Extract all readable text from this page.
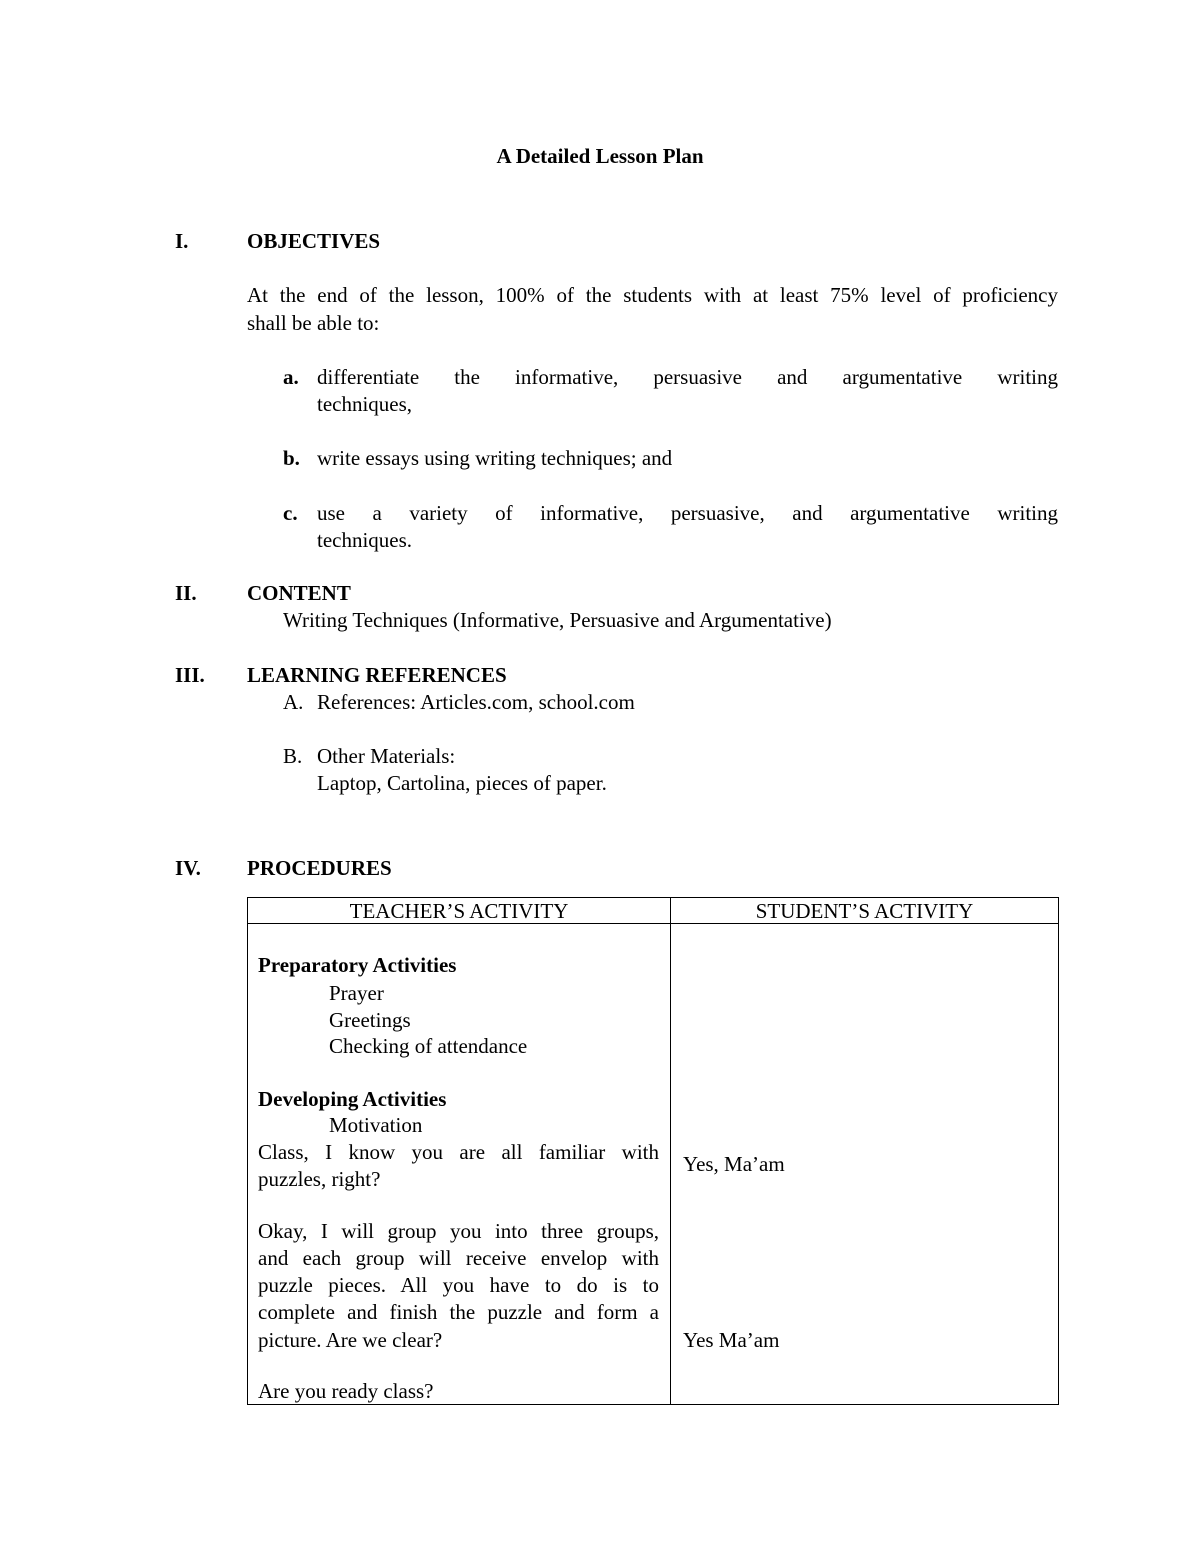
A Detailed Lesson Plan
I.	OBJECTIVES
At the end of the lesson, 100% of the students with at least 75% level of proficiency
shall be able to:
a. differentiate the informative, persuasive and argumentative writing
techniques,
b. write essays using writing techniques; and
c. use a variety of informative, persuasive, and argumentative writing
techniques.
II. CONTENT
Writing Techniques (Informative, Persuasive and Argumentative)
III. LEARNING REFERENCES
A. References: Articles.com, school.com
B. Other Materials:
Laptop, Cartolina, pieces of paper.
IV. PROCEDURES
TEACHER’S ACTIVITY	STUDENT’S ACTIVITY
Preparatory Activities
Prayer
Greetings
Checking of attendance
Developing Activities
Motivation
Class, I know you are all familiar with
puzzles, right?
Okay, I will group you into three groups,
and each group will receive envelop with
puzzle pieces. All you have to do is to
complete and finish the puzzle and form a
picture. Are we clear?
Are you ready class?
Yes, Ma’am
Yes Ma’am
